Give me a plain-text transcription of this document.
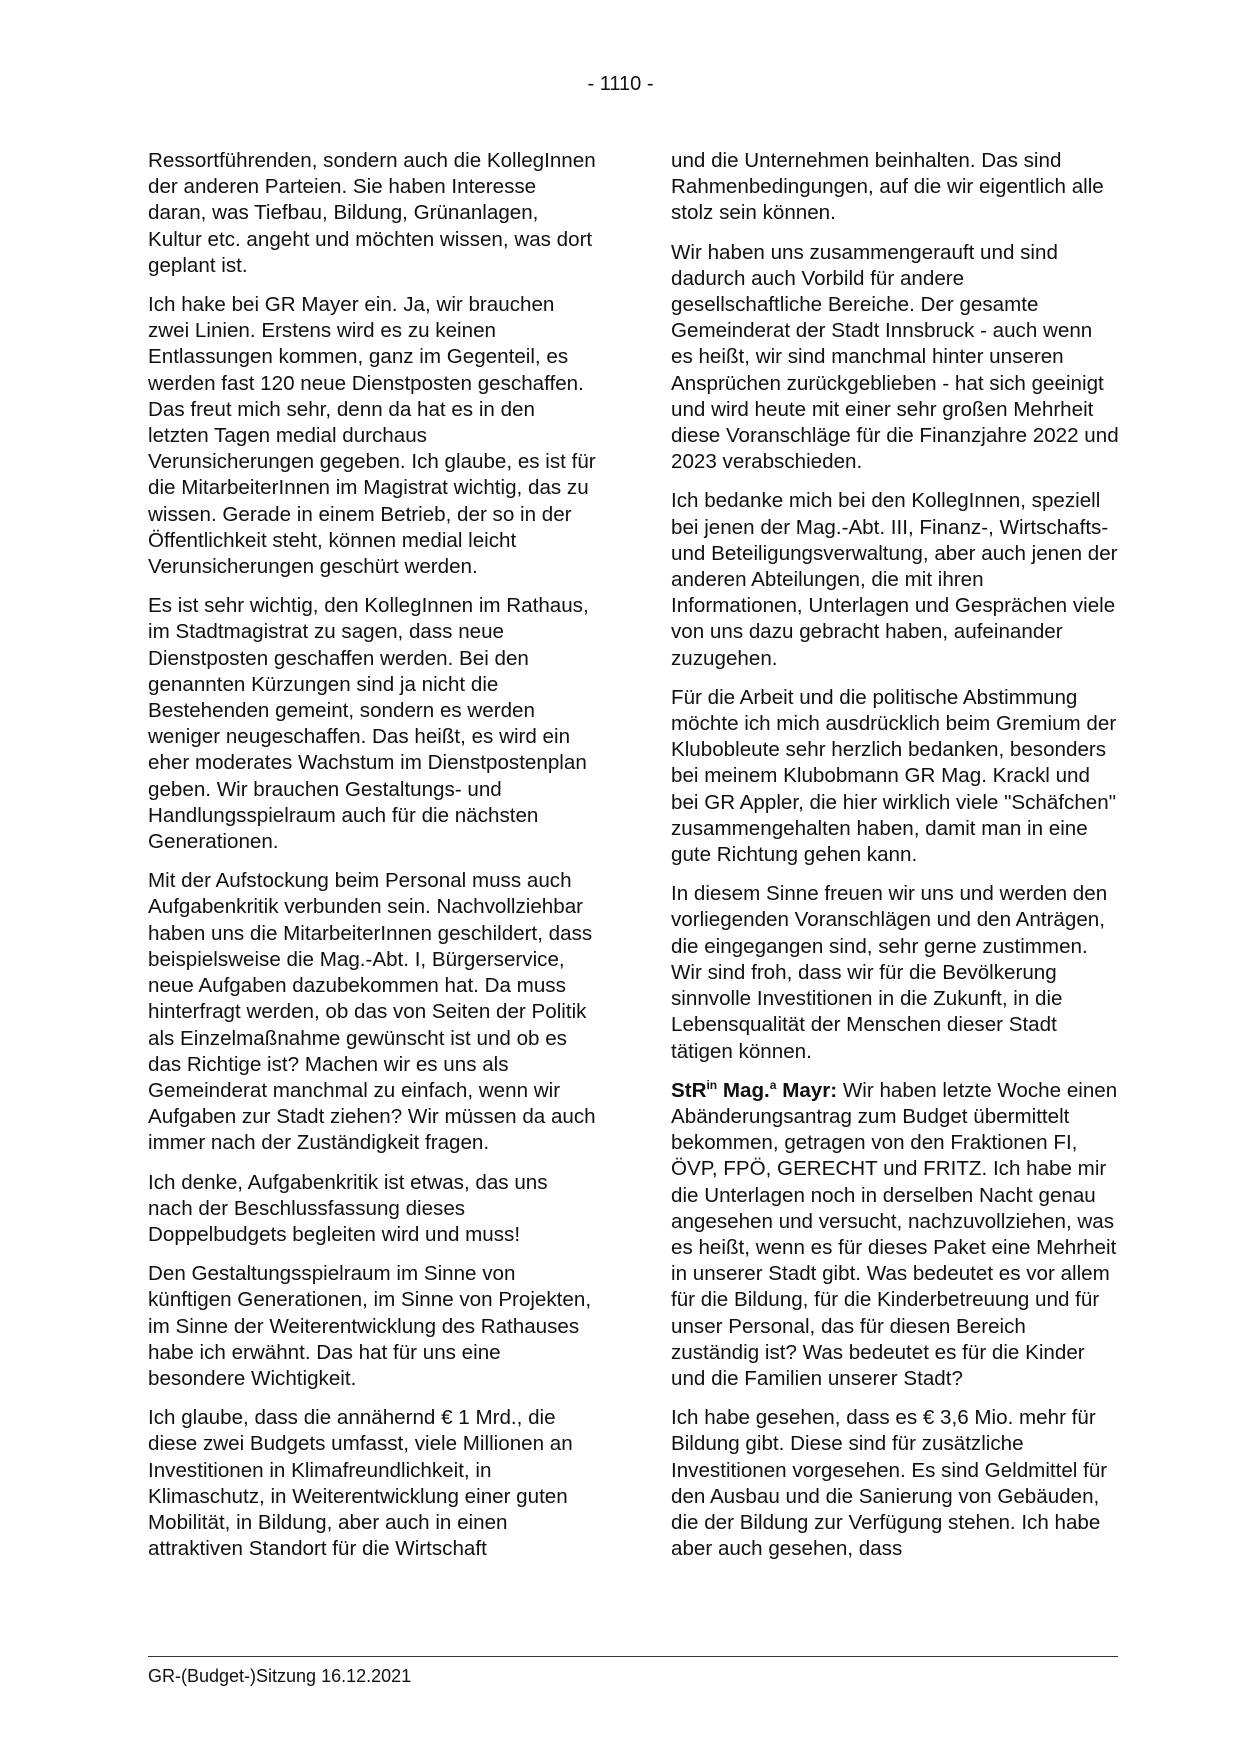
- 1110 -

Ressortführenden, sondern auch die KollegInnen der anderen Parteien. Sie haben Interesse daran, was Tiefbau, Bildung, Grünanlagen, Kultur etc. angeht und möchten wissen, was dort geplant ist.

Ich hake bei GR Mayer ein. Ja, wir brauchen zwei Linien. Erstens wird es zu keinen Entlassungen kommen, ganz im Gegenteil, es werden fast 120 neue Dienstposten geschaffen. Das freut mich sehr, denn da hat es in den letzten Tagen medial durchaus Verunsicherungen gegeben. Ich glaube, es ist für die MitarbeiterInnen im Magistrat wichtig, das zu wissen. Gerade in einem Betrieb, der so in der Öffentlichkeit steht, können medial leicht Verunsicherungen geschürt werden.

Es ist sehr wichtig, den KollegInnen im Rathaus, im Stadtmagistrat zu sagen, dass neue Dienstposten geschaffen werden. Bei den genannten Kürzungen sind ja nicht die Bestehenden gemeint, sondern es werden weniger neugeschaffen. Das heißt, es wird ein eher moderates Wachstum im Dienstpostenplan geben. Wir brauchen Gestaltungs- und Handlungsspielraum auch für die nächsten Generationen.

Mit der Aufstockung beim Personal muss auch Aufgabenkritik verbunden sein. Nachvollziehbar haben uns die MitarbeiterInnen geschildert, dass beispielsweise die Mag.-Abt. I, Bürgerservice, neue Aufgaben dazubekommen hat. Da muss hinterfragt werden, ob das von Seiten der Politik als Einzelmaßnahme gewünscht ist und ob es das Richtige ist? Machen wir es uns als Gemeinderat manchmal zu einfach, wenn wir Aufgaben zur Stadt ziehen? Wir müssen da auch immer nach der Zuständigkeit fragen.

Ich denke, Aufgabenkritik ist etwas, das uns nach der Beschlussfassung dieses Doppelbudgets begleiten wird und muss!

Den Gestaltungsspielraum im Sinne von künftigen Generationen, im Sinne von Projekten, im Sinne der Weiterentwicklung des Rathauses habe ich erwähnt. Das hat für uns eine besondere Wichtigkeit.

Ich glaube, dass die annähernd € 1 Mrd., die diese zwei Budgets umfasst, viele Millionen an Investitionen in Klimafreundlichkeit, in Klimaschutz, in Weiterentwicklung einer guten Mobilität, in Bildung, aber auch in einen attraktiven Standort für die Wirtschaft

und die Unternehmen beinhalten. Das sind Rahmenbedingungen, auf die wir eigentlich alle stolz sein können.

Wir haben uns zusammengerauft und sind dadurch auch Vorbild für andere gesellschaftliche Bereiche. Der gesamte Gemeinderat der Stadt Innsbruck - auch wenn es heißt, wir sind manchmal hinter unseren Ansprüchen zurückgeblieben - hat sich geeinigt und wird heute mit einer sehr großen Mehrheit diese Voranschläge für die Finanzjahre 2022 und 2023 verabschieden.

Ich bedanke mich bei den KollegInnen, speziell bei jenen der Mag.-Abt. III, Finanz-, Wirtschafts- und Beteiligungsverwaltung, aber auch jenen der anderen Abteilungen, die mit ihren Informationen, Unterlagen und Gesprächen viele von uns dazu gebracht haben, aufeinander zuzugehen.

Für die Arbeit und die politische Abstimmung möchte ich mich ausdrücklich beim Gremium der Klubobleute sehr herzlich bedanken, besonders bei meinem Klubobmann GR Mag. Krackl und bei GR Appler, die hier wirklich viele "Schäfchen" zusammengehalten haben, damit man in eine gute Richtung gehen kann.

In diesem Sinne freuen wir uns und werden den vorliegenden Voranschlägen und den Anträgen, die eingegangen sind, sehr gerne zustimmen. Wir sind froh, dass wir für die Bevölkerung sinnvolle Investitionen in die Zukunft, in die Lebensqualität der Menschen dieser Stadt tätigen können.

StR$^{in}$ Mag.$^a$ Mayr: Wir haben letzte Woche einen Abänderungsantrag zum Budget übermittelt bekommen, getragen von den Fraktionen FI, ÖVP, FPÖ, GERECHT und FRITZ. Ich habe mir die Unterlagen noch in derselben Nacht genau angesehen und versucht, nachzuvollziehen, was es heißt, wenn es für dieses Paket eine Mehrheit in unserer Stadt gibt. Was bedeutet es vor allem für die Bildung, für die Kinderbetreuung und für unser Personal, das für diesen Bereich zuständig ist? Was bedeutet es für die Kinder und die Familien unserer Stadt?

Ich habe gesehen, dass es € 3,6 Mio. mehr für Bildung gibt. Diese sind für zusätzliche Investitionen vorgesehen. Es sind Geldmittel für den Ausbau und die Sanierung von Gebäuden, die der Bildung zur Verfügung stehen. Ich habe aber auch gesehen, dass

GR-(Budget-)Sitzung 16.12.2021
